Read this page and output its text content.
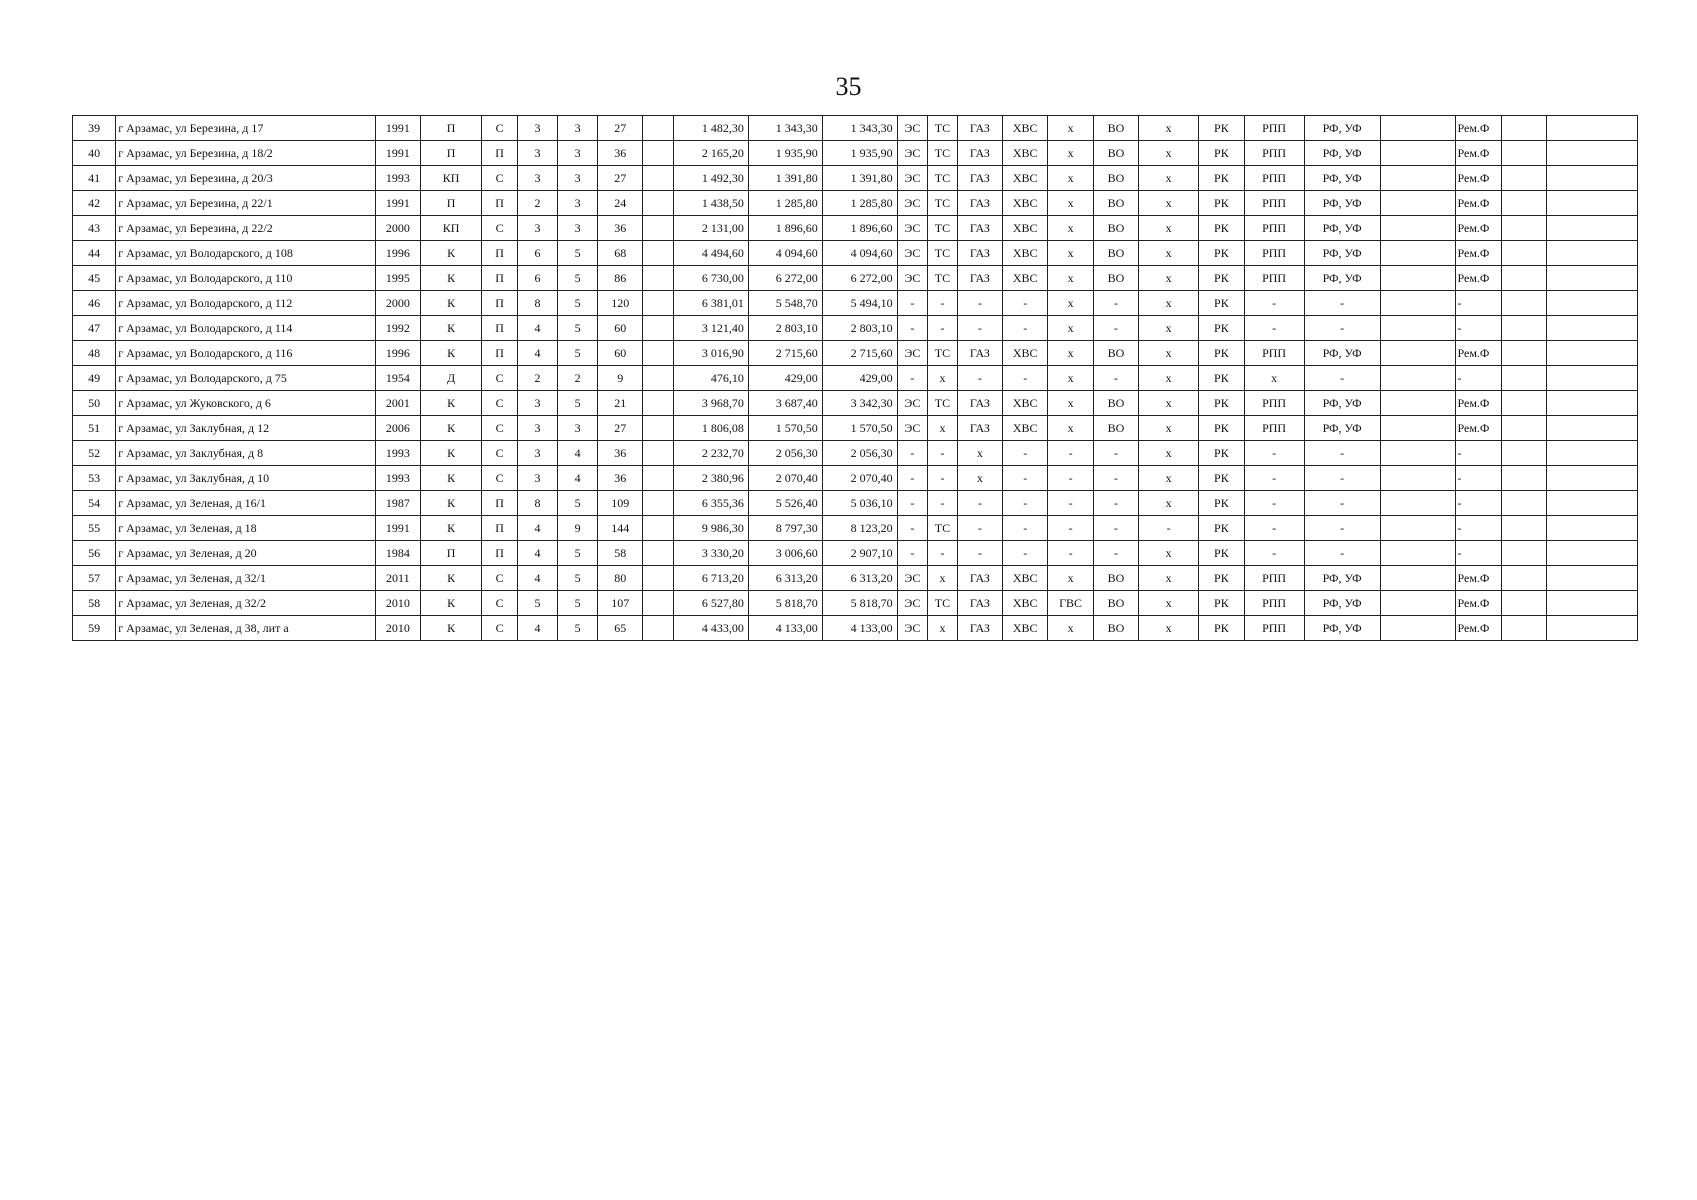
35
39	г Арзамас, ул Березина, д 17	1991	П	С	3	3	27		1 482,30	1 343,30	1 343,30	ЭС	ТС	ГАЗ	ХВС	х	ВО	х	РК	РПП	РФ, УФ		Рем.Ф		
40	г Арзамас, ул Березина, д 18/2	1991	П	П	3	3	36		2 165,20	1 935,90	1 935,90	ЭС	ТС	ГАЗ	ХВС	х	ВО	х	РК	РПП	РФ, УФ		Рем.Ф		
41	г Арзамас, ул Березина, д 20/3	1993	КП	С	3	3	27		1 492,30	1 391,80	1 391,80	ЭС	ТС	ГАЗ	ХВС	х	ВО	х	РК	РПП	РФ, УФ		Рем.Ф		
42	г Арзамас, ул Березина, д 22/1	1991	П	П	2	3	24		1 438,50	1 285,80	1 285,80	ЭС	ТС	ГАЗ	ХВС	х	ВО	х	РК	РПП	РФ, УФ		Рем.Ф		
43	г Арзамас, ул Березина, д 22/2	2000	КП	С	3	3	36		2 131,00	1 896,60	1 896,60	ЭС	ТС	ГАЗ	ХВС	х	ВО	х	РК	РПП	РФ, УФ		Рем.Ф		
44	г Арзамас, ул Володарского, д 108	1996	К	П	6	5	68		4 494,60	4 094,60	4 094,60	ЭС	ТС	ГАЗ	ХВС	х	ВО	х	РК	РПП	РФ, УФ		Рем.Ф		
45	г Арзамас, ул Володарского, д 110	1995	К	П	6	5	86		6 730,00	6 272,00	6 272,00	ЭС	ТС	ГАЗ	ХВС	х	ВО	х	РК	РПП	РФ, УФ		Рем.Ф		
46	г Арзамас, ул Володарского, д 112	2000	К	П	8	5	120		6 381,01	5 548,70	5 494,10	-	-	-	-	х	-	х	РК	-	-		-		
47	г Арзамас, ул Володарского, д 114	1992	К	П	4	5	60		3 121,40	2 803,10	2 803,10	-	-	-	-	х	-	х	РК	-	-		-		
48	г Арзамас, ул Володарского, д 116	1996	К	П	4	5	60		3 016,90	2 715,60	2 715,60	ЭС	ТС	ГАЗ	ХВС	х	ВО	х	РК	РПП	РФ, УФ		Рем.Ф		
49	г Арзамас, ул Володарского, д 75	1954	Д	С	2	2	9		476,10	429,00	429,00	-	х	-	-	х	-	х	РК	х	-		-		
50	г Арзамас, ул Жуковского, д 6	2001	К	С	3	5	21		3 968,70	3 687,40	3 342,30	ЭС	ТС	ГАЗ	ХВС	х	ВО	х	РК	РПП	РФ, УФ		Рем.Ф		
51	г Арзамас, ул Заклубная, д 12	2006	К	С	3	3	27		1 806,08	1 570,50	1 570,50	ЭС	х	ГАЗ	ХВС	х	ВО	х	РК	РПП	РФ, УФ		Рем.Ф		
52	г Арзамас, ул Заклубная, д 8	1993	К	С	3	4	36		2 232,70	2 056,30	2 056,30	-	-	х	-	-	-	х	РК	-	-		-		
53	г Арзамас, ул Заклубная, д 10	1993	К	С	3	4	36		2 380,96	2 070,40	2 070,40	-	-	х	-	-	-	х	РК	-	-		-		
54	г Арзамас, ул Зеленая, д 16/1	1987	К	П	8	5	109		6 355,36	5 526,40	5 036,10	-	-	-	-	-	-	х	РК	-	-		-		
55	г Арзамас, ул Зеленая, д 18	1991	К	П	4	9	144		9 986,30	8 797,30	8 123,20	-	ТС	-	-	-	-	-	РК	-	-		-		
56	г Арзамас, ул Зеленая, д 20	1984	П	П	4	5	58		3 330,20	3 006,60	2 907,10	-	-	-	-	-	-	х	РК	-	-		-		
57	г Арзамас, ул Зеленая, д 32/1	2011	К	С	4	5	80		6 713,20	6 313,20	6 313,20	ЭС	х	ГАЗ	ХВС	х	ВО	х	РК	РПП	РФ, УФ		Рем.Ф		
58	г Арзамас, ул Зеленая, д 32/2	2010	К	С	5	5	107		6 527,80	5 818,70	5 818,70	ЭС	ТС	ГАЗ	ХВС	ГВС	ВО	х	РК	РПП	РФ, УФ		Рем.Ф		
59	г Арзамас, ул Зеленая, д 38, лит а	2010	К	С	4	5	65		4 433,00	4 133,00	4 133,00	ЭС	х	ГАЗ	ХВС	х	ВО	х	РК	РПП	РФ, УФ		Рем.Ф		
